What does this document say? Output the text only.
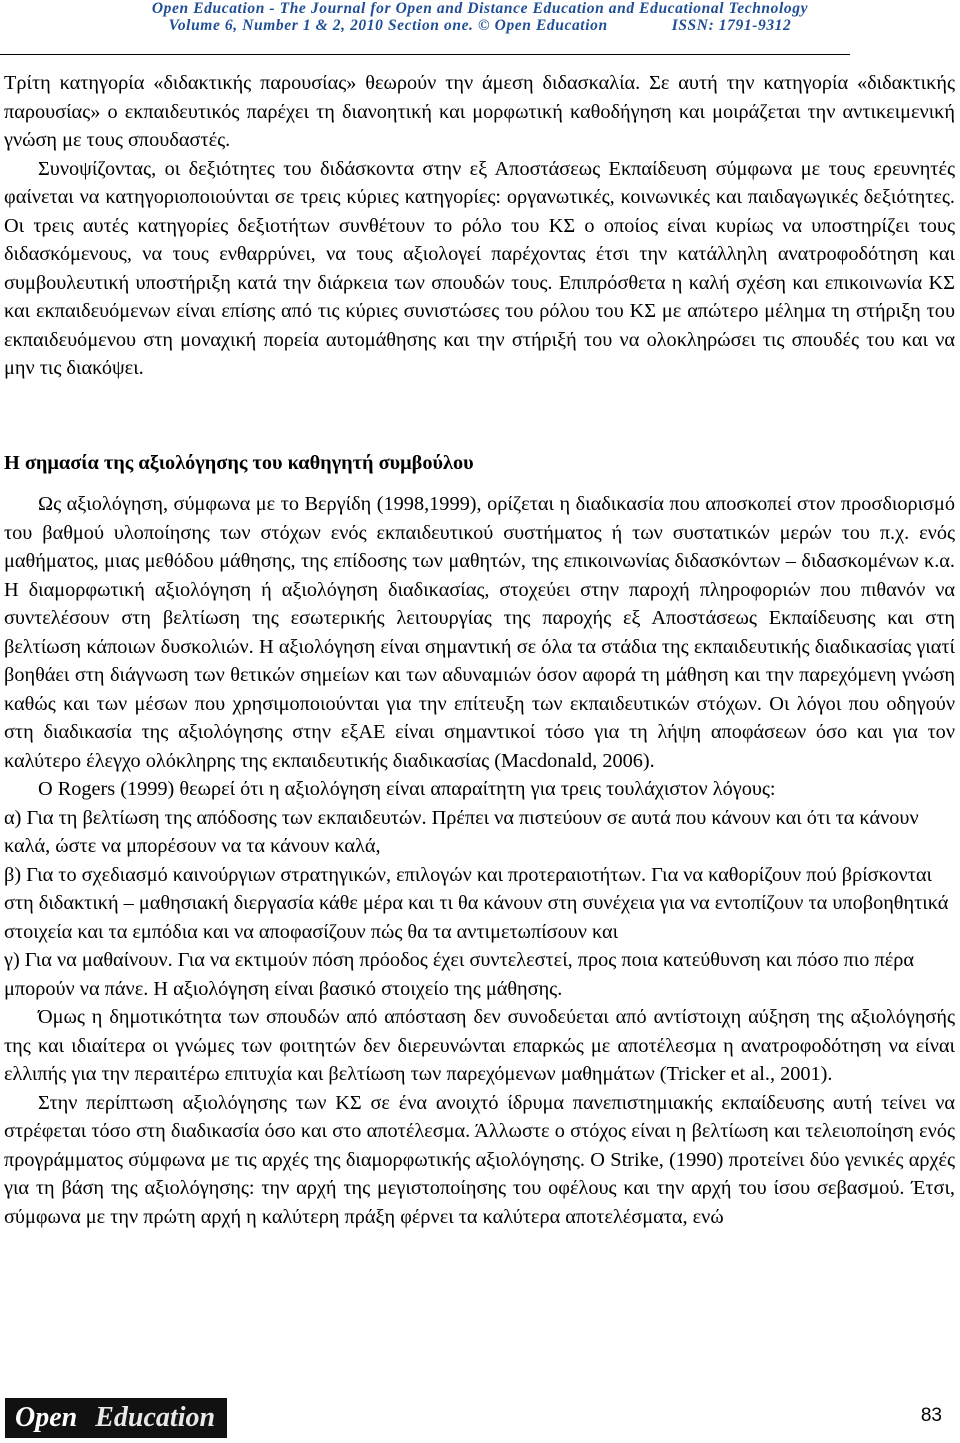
Open Education - The Journal for Open and Distance Education and Educational Technology
Volume 6, Number 1 & 2, 2010 Section one. © Open Education	ISSN: 1791-9312

Τρίτη κατηγορία «διδακτικής παρουσίας» θεωρούν την άμεση διδασκαλία. Σε αυτή την κατηγορία «διδακτικής παρουσίας» ο εκπαιδευτικός παρέχει τη διανοητική και μορφωτική καθοδήγηση και μοιράζεται την αντικειμενική γνώση με τους σπουδαστές.

Συνοψίζοντας, οι δεξιότητες του διδάσκοντα στην εξ Αποστάσεως Εκπαίδευση σύμφωνα με τους ερευνητές φαίνεται να κατηγοριοποιούνται σε τρεις κύριες κατηγορίες: οργανωτικές, κοινωνικές και παιδαγωγικές δεξιότητες. Οι τρεις αυτές κατηγορίες δεξιοτήτων συνθέτουν το ρόλο του ΚΣ ο οποίος είναι κυρίως να υποστηρίζει τους διδασκόμενους, να τους ενθαρρύνει, να τους αξιολογεί παρέχοντας έτσι την κατάλληλη ανατροφοδότηση και συμβουλευτική υποστήριξη κατά την διάρκεια των σπουδών τους. Επιπρόσθετα η καλή σχέση και επικοινωνία ΚΣ και εκπαιδευόμενων είναι επίσης από τις κύριες συνιστώσες του ρόλου του ΚΣ με απώτερο μέλημα τη στήριξη του εκπαιδευόμενου στη μοναχική πορεία αυτομάθησης και την στήριξή του να ολοκληρώσει τις σπουδές του και να μην τις διακόψει.

Η σημασία της αξιολόγησης του καθηγητή συμβούλου

Ως αξιολόγηση, σύμφωνα με το Βεργίδη (1998,1999), ορίζεται η διαδικασία που αποσκοπεί στον προσδιορισμό του βαθμού υλοποίησης των στόχων ενός εκπαιδευτικού συστήματος ή των συστατικών μερών του π.χ. ενός μαθήματος, μιας μεθόδου μάθησης, της επίδοσης των μαθητών, της επικοινωνίας διδασκόντων – διδασκομένων κ.α. Η διαμορφωτική αξιολόγηση ή αξιολόγηση διαδικασίας, στοχεύει στην παροχή πληροφοριών που πιθανόν να συντελέσουν στη βελτίωση της εσωτερικής λειτουργίας της παροχής εξ Αποστάσεως Εκπαίδευσης και στη βελτίωση κάποιων δυσκολιών. Η αξιολόγηση είναι σημαντική σε όλα τα στάδια της εκπαιδευτικής διαδικασίας γιατί βοηθάει στη διάγνωση των θετικών σημείων και των αδυναμιών όσον αφορά τη μάθηση και την παρεχόμενη γνώση καθώς και των μέσων που χρησιμοποιούνται για την επίτευξη των εκπαιδευτικών στόχων. Οι λόγοι που οδηγούν στη διαδικασία της αξιολόγησης στην εξΑΕ είναι σημαντικοί τόσο για τη λήψη αποφάσεων όσο και για τον καλύτερο έλεγχο ολόκληρης της εκπαιδευτικής διαδικασίας (Macdonald, 2006).

Ο Rogers (1999) θεωρεί ότι η αξιολόγηση είναι απαραίτητη για τρεις τουλάχιστον λόγους:

α) Για τη βελτίωση της απόδοσης των εκπαιδευτών. Πρέπει να πιστεύουν σε αυτά που κάνουν και ότι τα κάνουν καλά, ώστε να μπορέσουν να τα κάνουν καλά,

β) Για το σχεδιασμό καινούργιων στρατηγικών, επιλογών και προτεραιοτήτων. Για να καθορίζουν πού βρίσκονται στη διδακτική – μαθησιακή διεργασία κάθε μέρα και τι θα κάνουν στη συνέχεια για να εντοπίζουν τα υποβοηθητικά στοιχεία και τα εμπόδια και να αποφασίζουν πώς θα τα αντιμετωπίσουν και

γ) Για να μαθαίνουν. Για να εκτιμούν πόση πρόοδος έχει συντελεστεί, προς ποια κατεύθυνση και πόσο πιο πέρα μπορούν να πάνε. Η αξιολόγηση είναι βασικό στοιχείο της μάθησης.

Όμως η δημοτικότητα των σπουδών από απόσταση δεν συνοδεύεται από αντίστοιχη αύξηση της αξιολόγησής της και ιδιαίτερα οι γνώμες των φοιτητών δεν διερευνώνται επαρκώς με αποτέλεσμα η ανατροφοδότηση να είναι ελλιπής για την περαιτέρω επιτυχία και βελτίωση των παρεχόμενων μαθημάτων (Tricker et al., 2001).

Στην περίπτωση αξιολόγησης των ΚΣ σε ένα ανοιχτό ίδρυμα πανεπιστημιακής εκπαίδευσης αυτή τείνει να στρέφεται τόσο στη διαδικασία όσο και στο αποτέλεσμα. Άλλωστε ο στόχος είναι η βελτίωση και τελειοποίηση ενός προγράμματος σύμφωνα με τις αρχές της διαμορφωτικής αξιολόγησης. Ο Strike, (1990) προτείνει δύο γενικές αρχές για τη βάση της αξιολόγησης: την αρχή της μεγιστοποίησης του οφέλους και την αρχή του ίσου σεβασμού. Έτσι, σύμφωνα με την πρώτη αρχή η καλύτερη πράξη φέρνει τα καλύτερα αποτελέσματα, ενώ

Open Education	83
